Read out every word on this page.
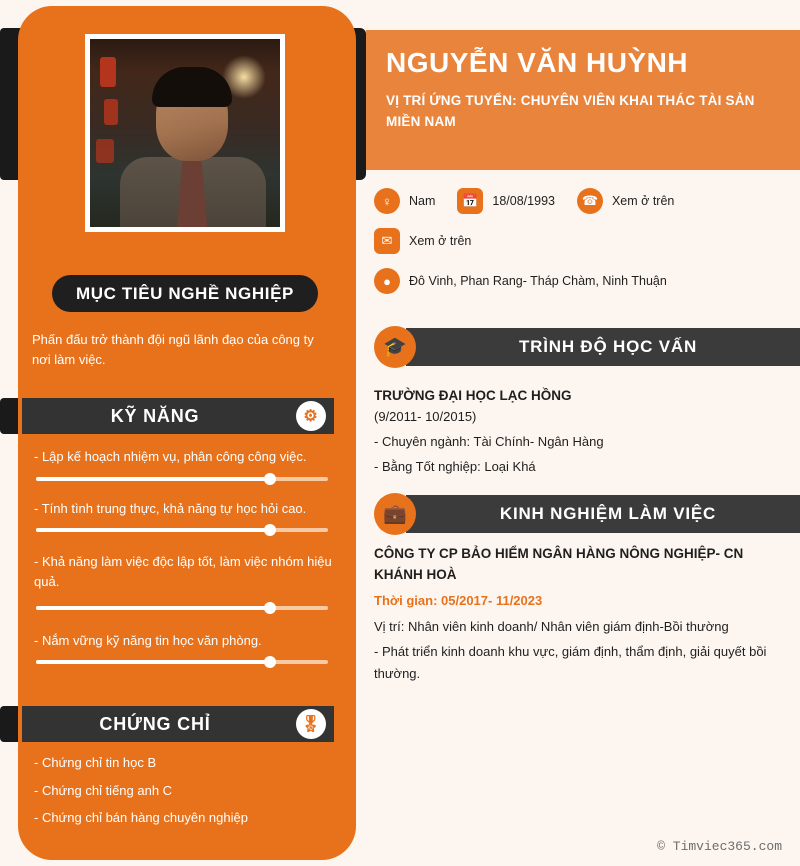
MỤC TIÊU NGHỀ NGHIỆP
Phấn đấu trở thành đội ngũ lãnh đạo của công ty nơi làm việc.
KỸ NĂNG	⚙
- Lập kế hoạch nhiệm vụ, phân công công việc.
- Tính tình trung thực, khả năng tự học hỏi cao.
- Khả năng làm việc độc lập tốt, làm việc nhóm hiệu quả.
- Nắm vững kỹ năng tin học văn phòng.
CHỨNG CHỈ	🎖
- Chứng chỉ tin học B
- Chứng chỉ tiếng anh C
- Chứng chỉ bán hàng chuyên nghiệp
NGUYỄN VĂN HUỲNH
VỊ TRÍ ỨNG TUYỂN: CHUYÊN VIÊN KHAI THÁC TÀI SẢN MIỀN NAM
♀	Nam	📅	18/08/1993	☎	Xem ở trên
✉	Xem ở trên
●	Đô Vinh, Phan Rang- Tháp Chàm, Ninh Thuận
🎓	TRÌNH ĐỘ HỌC VẤN
TRƯỜNG ĐẠI HỌC LẠC HỒNG
(9/2011- 10/2015)
- Chuyên ngành: Tài Chính- Ngân Hàng
- Bằng Tốt nghiệp: Loại Khá
💼	KINH NGHIỆM LÀM VIỆC
CÔNG TY CP BẢO HIỂM NGÂN HÀNG NÔNG NGHIỆP- CN KHÁNH HOÀ
Thời gian: 05/2017- 11/2023
Vị trí: Nhân viên kinh doanh/ Nhân viên giám định-Bồi thường
- Phát triển kinh doanh khu vực, giám định, thẩm định, giải quyết bồi thường.
© Timviec365.com
